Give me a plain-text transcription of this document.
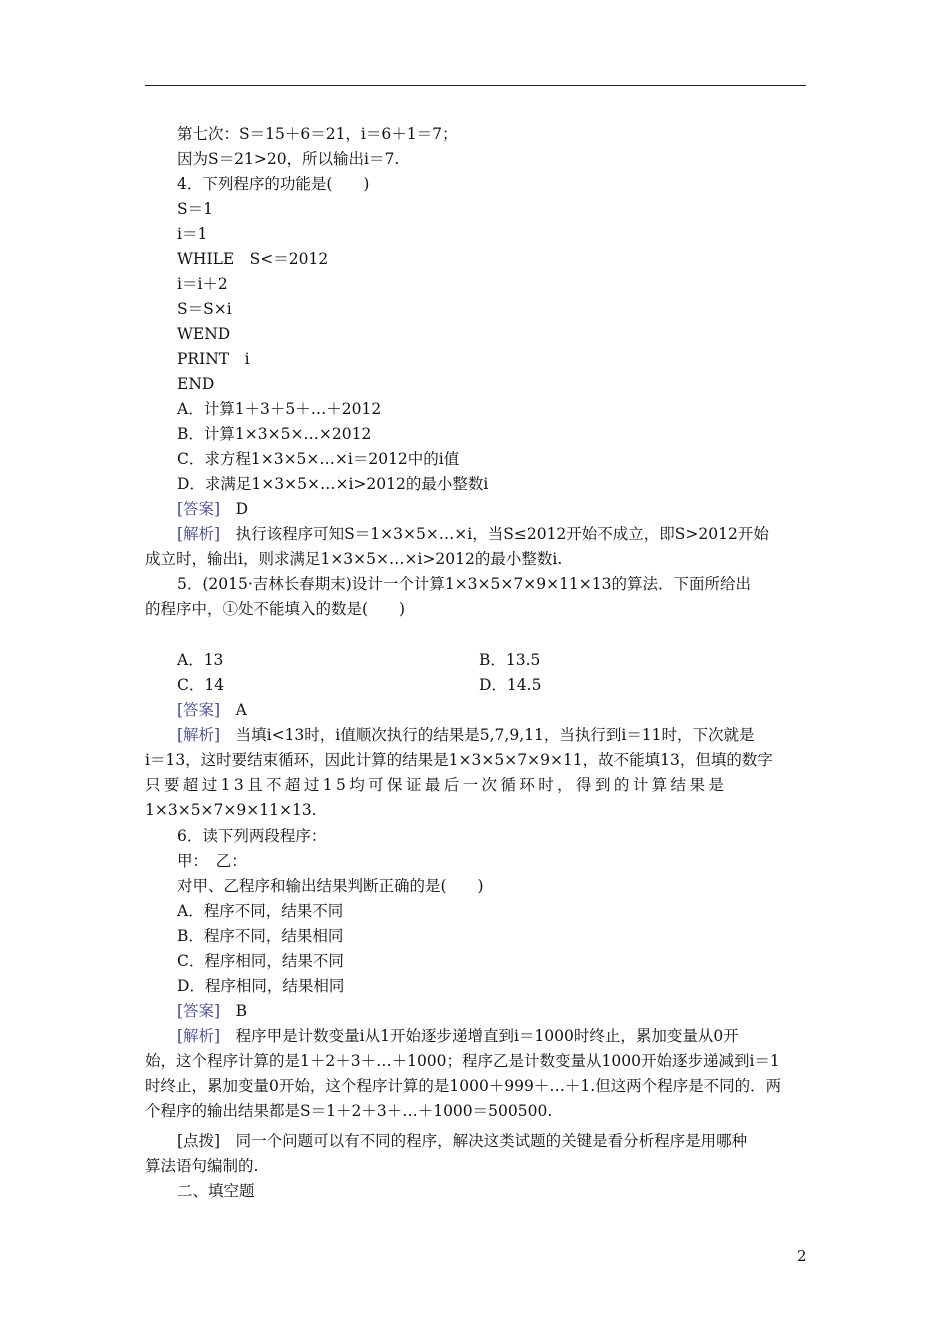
第七次：S＝15＋6＝21，i＝6＋1＝7；
因为S＝21>20，所以输出i＝7.
4．下列程序的功能是(　　)
S＝1
i＝1
WHILE　S<＝2012
i＝i＋2
S＝S×i
WEND
PRINT　i
END
A．计算1＋3＋5＋…＋2012
B．计算1×3×5×…×2012
C．求方程1×3×5×…×i＝2012中的i值
D．求满足1×3×5×…×i>2012的最小整数i
[答案]　D
[解析]　 执行该程序可知S＝1×3×5×…×i，当S≤2012开始不成立，即S>2012开始
成立时，输出i，则求满足1×3×5×…×i>2012的最小整数i.
5．(2015·吉林长春期末)设计一个计算1×3×5×7×9×11×13的算法．下面所给出
的程序中，①处不能填入的数是(　　)
A．13	B．13.5
C．14	D．14.5
[答案]　A
[解析]　 当填i<13时，i值顺次执行的结果是5,7,9,11，当执行到i＝11时，下次就是
i＝13，这时要结束循环，因此计算的结果是1×3×5×7×9×11，故不能填13，但填的数字
只要超过13且不超过15均可保证最后一次循环时，得到的计算结果是
1×3×5×7×9×11×13.
6．读下列两段程序：
甲：　乙：
对甲、乙程序和输出结果判断正确的是(　　)
A．程序不同，结果不同
B．程序不同，结果相同
C．程序相同，结果不同
D．程序相同，结果相同
[答案]　B
[解析]　 程序甲是计数变量i从1开始逐步递增直到i＝1000时终止，累加变量从0开
始，这个程序计算的是1＋2＋3＋…＋1000；程序乙是计数变量从1000开始逐步递减到i＝1
时终止，累加变量0开始，这个程序计算的是1000＋999＋…＋1.但这两个程序是不同的．两
个程序的输出结果都是S＝1＋2＋3＋…＋1000＝500500.
[点拨]　 同一个问题可以有不同的程序，解决这类试题的关键是看分析程序是用哪种
算法语句编制的.
二、填空题
2
